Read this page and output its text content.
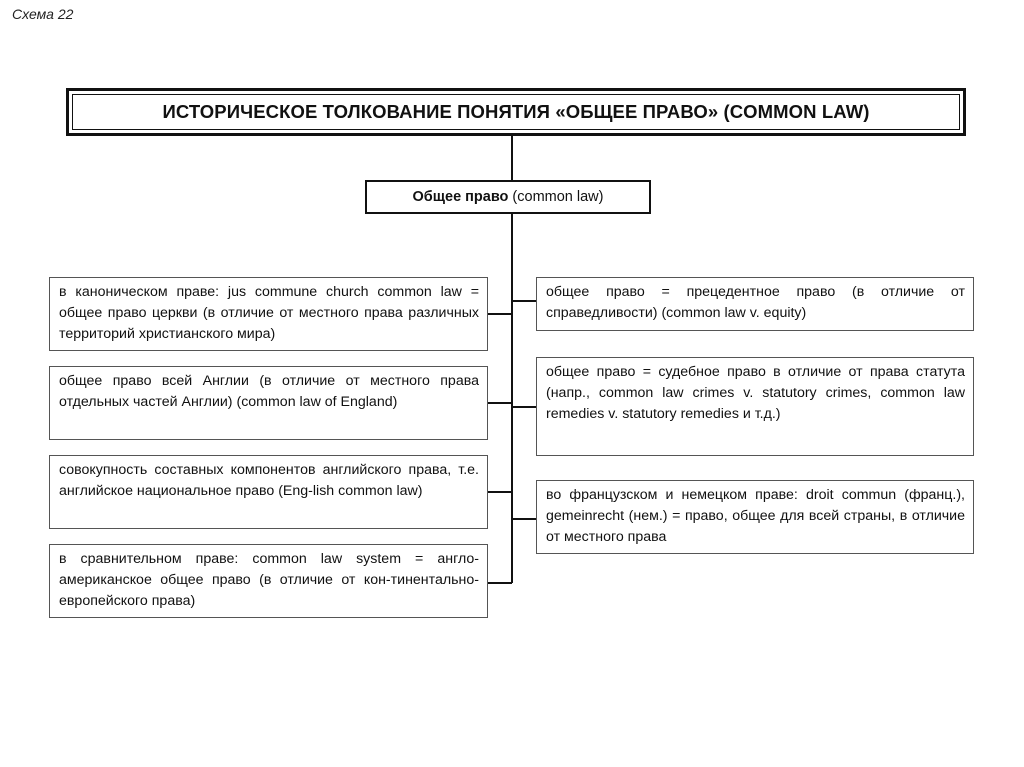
Схема 22
ИСТОРИЧЕСКОЕ ТОЛКОВАНИЕ ПОНЯТИЯ «ОБЩЕЕ ПРАВО» (COMMON LAW)
Общее право (common law)
в каноническом праве: jus commune church common law = общее право церкви (в отличие от местного права различных территорий христианского мира)
общее право всей Англии (в отличие от местного права отдельных частей Англии) (common law of England)
совокупность составных компонентов английского права, т.е. английское национальное право (Eng-lish common law)
в сравнительном праве: common law system = англо-американское общее право (в отличие от кон-тинентально-европейского права)
общее право = прецедентное право (в отличие от справедливости) (common law v. equity)
общее право = судебное право в отличие от права статута (напр., common law crimes v. statutory crimes, common law remedies v. statutory remedies и т.д.)
во французском и немецком праве: droit commun (франц.), gemeinrecht (нем.) = право, общее для всей страны, в отличие от местного права
